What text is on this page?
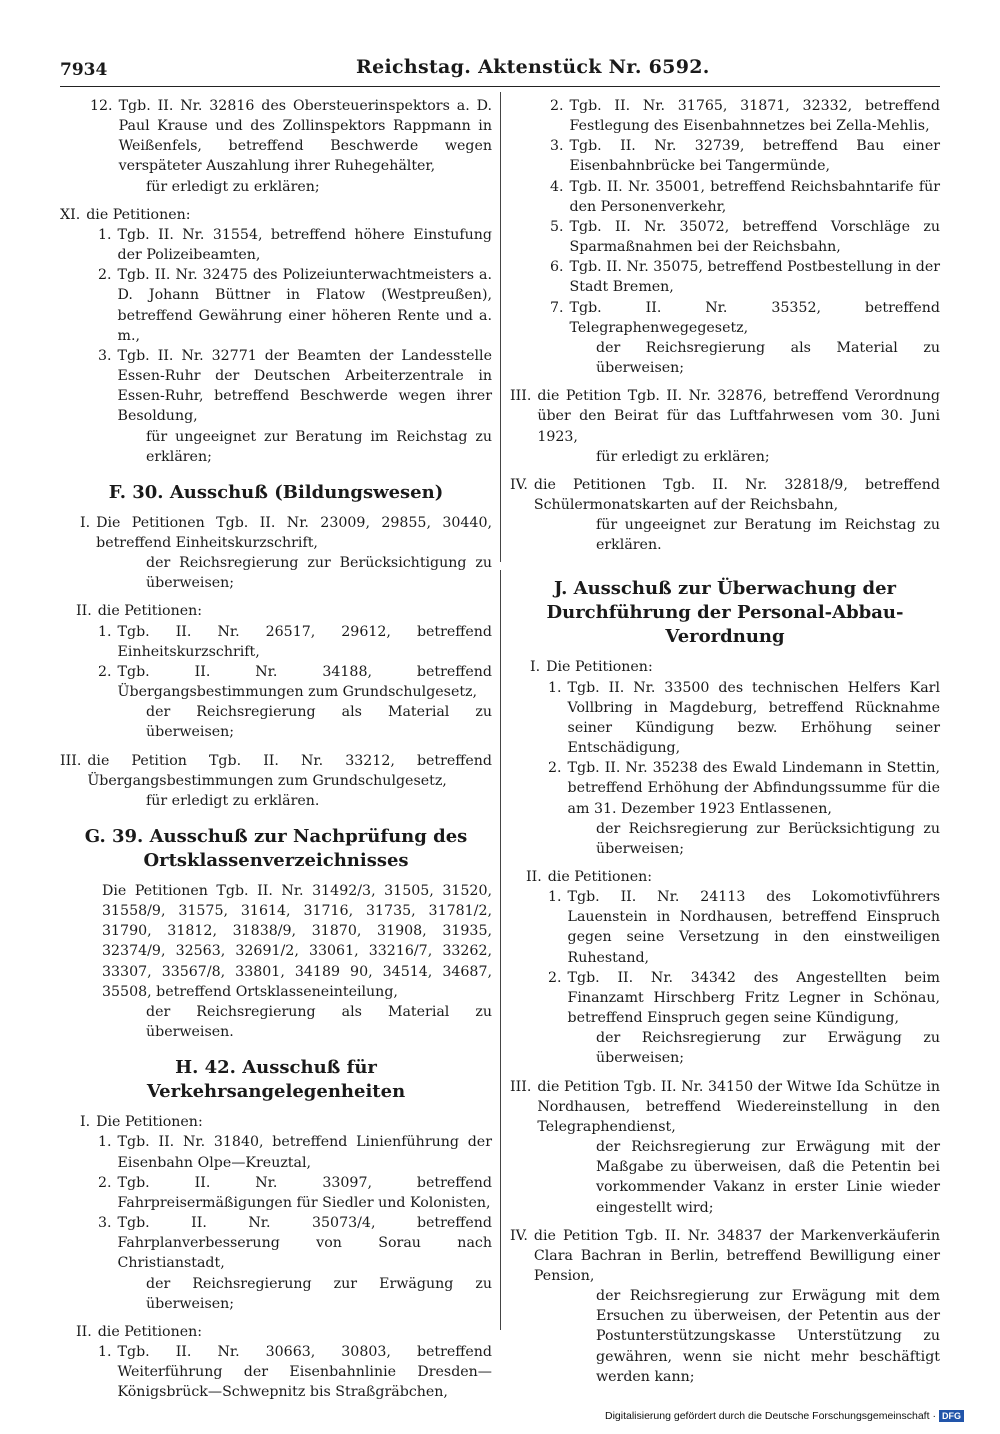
7934	Reichstag. Aktenstück Nr. 6592.
12. Tgb. II. Nr. 32816 des Obersteuerinspektors a. D. Paul Krause und des Zollinspektors Rappmann in Weißenfels, betreffend Beschwerde wegen verspäteter Auszahlung ihrer Ruhegehälter,
für erledigt zu erklären;
XI. die Petitionen:
1. Tgb. II. Nr. 31554, betreffend höhere Einstufung der Polizeibeamten,
2. Tgb. II. Nr. 32475 des Polizeiunterwachtmeisters a. D. Johann Büttner in Flatow (Westpreußen), betreffend Gewährung einer höheren Rente und a. m.,
3. Tgb. II. Nr. 32771 der Beamten der Landesstelle Essen-Ruhr der Deutschen Arbeiterzentrale in Essen-Ruhr, betreffend Beschwerde wegen ihrer Besoldung,
für ungeeignet zur Beratung im Reichstag zu erklären;
F. 30. Ausschuß (Bildungswesen)
I. Die Petitionen Tgb. II. Nr. 23009, 29855, 30440, betreffend Einheitskurzschrift,
der Reichsregierung zur Berücksichtigung zu überweisen;
II. die Petitionen:
1. Tgb. II. Nr. 26517, 29612, betreffend Einheitskurzschrift,
2. Tgb. II. Nr. 34188, betreffend Übergangsbestimmungen zum Grundschulgesetz,
der Reichsregierung als Material zu überweisen;
III. die Petition Tgb. II. Nr. 33212, betreffend Übergangsbestimmungen zum Grundschulgesetz,
für erledigt zu erklären.
G. 39. Ausschuß zur Nachprüfung des Ortsklassenverzeichnisses
Die Petitionen Tgb. II. Nr. 31492/3, 31505, 31520, 31558/9, 31575, 31614, 31716, 31735, 31781/2, 31790, 31812, 31838/9, 31870, 31908, 31935, 32374/9, 32563, 32691/2, 33061, 33216/7, 33262, 33307, 33567/8, 33801, 34189 90, 34514, 34687, 35508, betreffend Ortsklasseneinteilung,
der Reichsregierung als Material zu überweisen.
H. 42. Ausschuß für Verkehrsangelegenheiten
I. Die Petitionen:
1. Tgb. II. Nr. 31840, betreffend Linienführung der Eisenbahn Olpe—Kreuztal,
2. Tgb. II. Nr. 33097, betreffend Fahrpreisermäßigungen für Siedler und Kolonisten,
3. Tgb. II. Nr. 35073/4, betreffend Fahrplanverbesserung von Sorau nach Christianstadt,
der Reichsregierung zur Erwägung zu überweisen;
II. die Petitionen:
1. Tgb. II. Nr. 30663, 30803, betreffend Weiterführung der Eisenbahnlinie Dresden—Königsbrück—Schwepnitz bis Straßgräbchen,
2. Tgb. II. Nr. 31765, 31871, 32332, betreffend Festlegung des Eisenbahnnetzes bei Zella-Mehlis,
3. Tgb. II. Nr. 32739, betreffend Bau einer Eisenbahnbrücke bei Tangermünde,
4. Tgb. II. Nr. 35001, betreffend Reichsbahntarife für den Personenverkehr,
5. Tgb. II. Nr. 35072, betreffend Vorschläge zu Sparmaßnahmen bei der Reichsbahn,
6. Tgb. II. Nr. 35075, betreffend Postbestellung in der Stadt Bremen,
7. Tgb. II. Nr. 35352, betreffend Telegraphenwegegesetz,
der Reichsregierung als Material zu überweisen;
III. die Petition Tgb. II. Nr. 32876, betreffend Verordnung über den Beirat für das Luftfahrwesen vom 30. Juni 1923,
für erledigt zu erklären;
IV. die Petitionen Tgb. II. Nr. 32818/9, betreffend Schülermonatskarten auf der Reichsbahn,
für ungeeignet zur Beratung im Reichstag zu erklären.
J. Ausschuß zur Überwachung der Durchführung der Personal-Abbau-Verordnung
I. Die Petitionen:
1. Tgb. II. Nr. 33500 des technischen Helfers Karl Vollbring in Magdeburg, betreffend Rücknahme seiner Kündigung bezw. Erhöhung seiner Entschädigung,
2. Tgb. II. Nr. 35238 des Ewald Lindemann in Stettin, betreffend Erhöhung der Abfindungssumme für die am 31. Dezember 1923 Entlassenen,
der Reichsregierung zur Berücksichtigung zu überweisen;
II. die Petitionen:
1. Tgb. II. Nr. 24113 des Lokomotivführers Lauenstein in Nordhausen, betreffend Einspruch gegen seine Versetzung in den einstweiligen Ruhestand,
2. Tgb. II. Nr. 34342 des Angestellten beim Finanzamt Hirschberg Fritz Legner in Schönau, betreffend Einspruch gegen seine Kündigung,
der Reichsregierung zur Erwägung zu überweisen;
III. die Petition Tgb. II. Nr. 34150 der Witwe Ida Schütze in Nordhausen, betreffend Wiedereinstellung in den Telegraphendienst,
der Reichsregierung zur Erwägung mit der Maßgabe zu überweisen, daß die Petentin bei vorkommender Vakanz in erster Linie wieder eingestellt wird;
IV. die Petition Tgb. II. Nr. 34837 der Markenverkäuferin Clara Bachran in Berlin, betreffend Bewilligung einer Pension,
der Reichsregierung zur Erwägung mit dem Ersuchen zu überweisen, der Petentin aus der Postunterstützungskasse Unterstützung zu gewähren, wenn sie nicht mehr beschäftigt werden kann;
Digitalisierung gefördert durch die Deutsche Forschungsgemeinschaft · DFG
